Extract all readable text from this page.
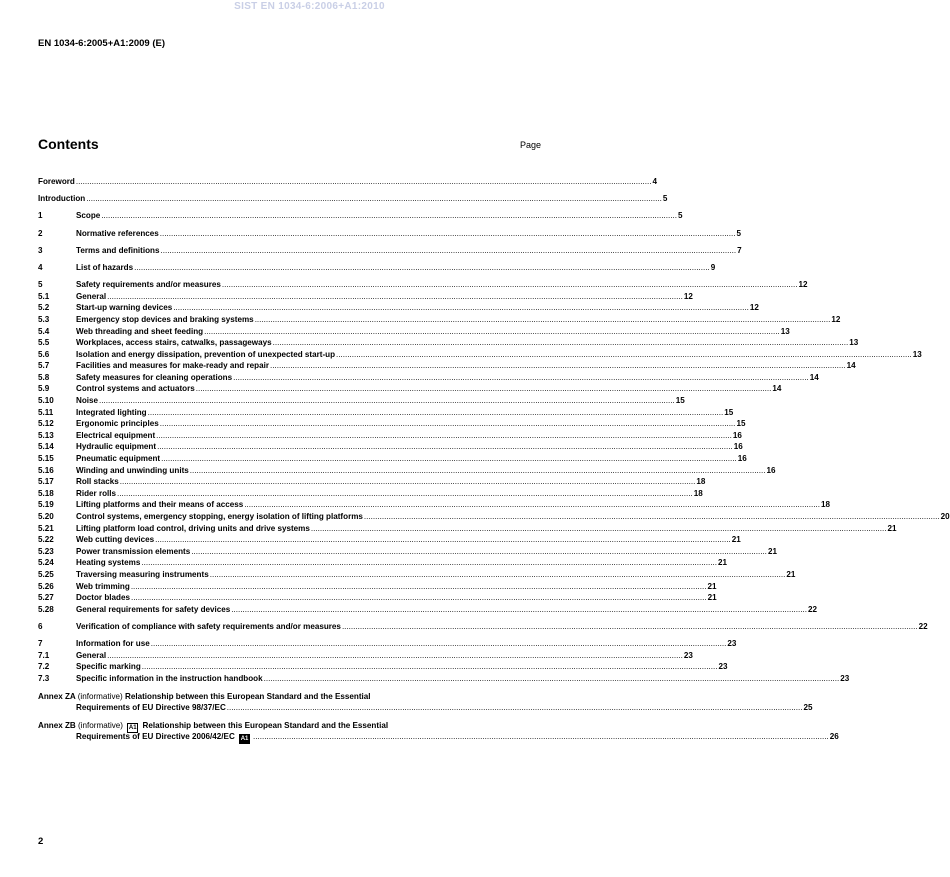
SIST EN 1034-6:2006+A1:2010
EN 1034-6:2005+A1:2009 (E)
Contents	Page
Foreword .....	4
Introduction .....	5
1	Scope .....	5
2	Normative references .....	5
3	Terms and definitions .....	7
4	List of hazards .....	9
5	Safety requirements and/or measures .....	12
5.1	General .....	12
5.2	Start-up warning devices .....	12
5.3	Emergency stop devices and braking systems .....	12
5.4	Web threading and sheet feeding .....	13
5.5	Workplaces, access stairs, catwalks, passageways .....	13
5.6	Isolation and energy dissipation, prevention of unexpected start-up .....	13
5.7	Facilities and measures for make-ready and repair .....	14
5.8	Safety measures for cleaning operations .....	14
5.9	Control systems and actuators .....	14
5.10	Noise .....	15
5.11	Integrated lighting .....	15
5.12	Ergonomic principles .....	15
5.13	Electrical equipment .....	16
5.14	Hydraulic equipment .....	16
5.15	Pneumatic equipment .....	16
5.16	Winding and unwinding units .....	16
5.17	Roll stacks .....	18
5.18	Rider rolls .....	18
5.19	Lifting platforms and their means of access .....	18
5.20	Control systems, emergency stopping, energy isolation of lifting platforms .....	20
5.21	Lifting platform load control, driving units and drive systems .....	21
5.22	Web cutting devices .....	21
5.23	Power transmission elements .....	21
5.24	Heating systems .....	21
5.25	Traversing measuring instruments .....	21
5.26	Web trimming .....	21
5.27	Doctor blades .....	21
5.28	General requirements for safety devices .....	22
6	Verification of compliance with safety requirements and/or measures .....	22
7	Information for use .....	23
7.1	General .....	23
7.2	Specific marking .....	23
7.3	Specific information in the instruction handbook .....	23
Annex ZA (informative) Relationship between this European Standard and the Essential
Requirements of EU Directive 98/37/EC .....	25
Annex ZB (informative) A1 Relationship between this European Standard and the Essential
Requirements of EU Directive 2006/42/EC A1 .....	26
2
